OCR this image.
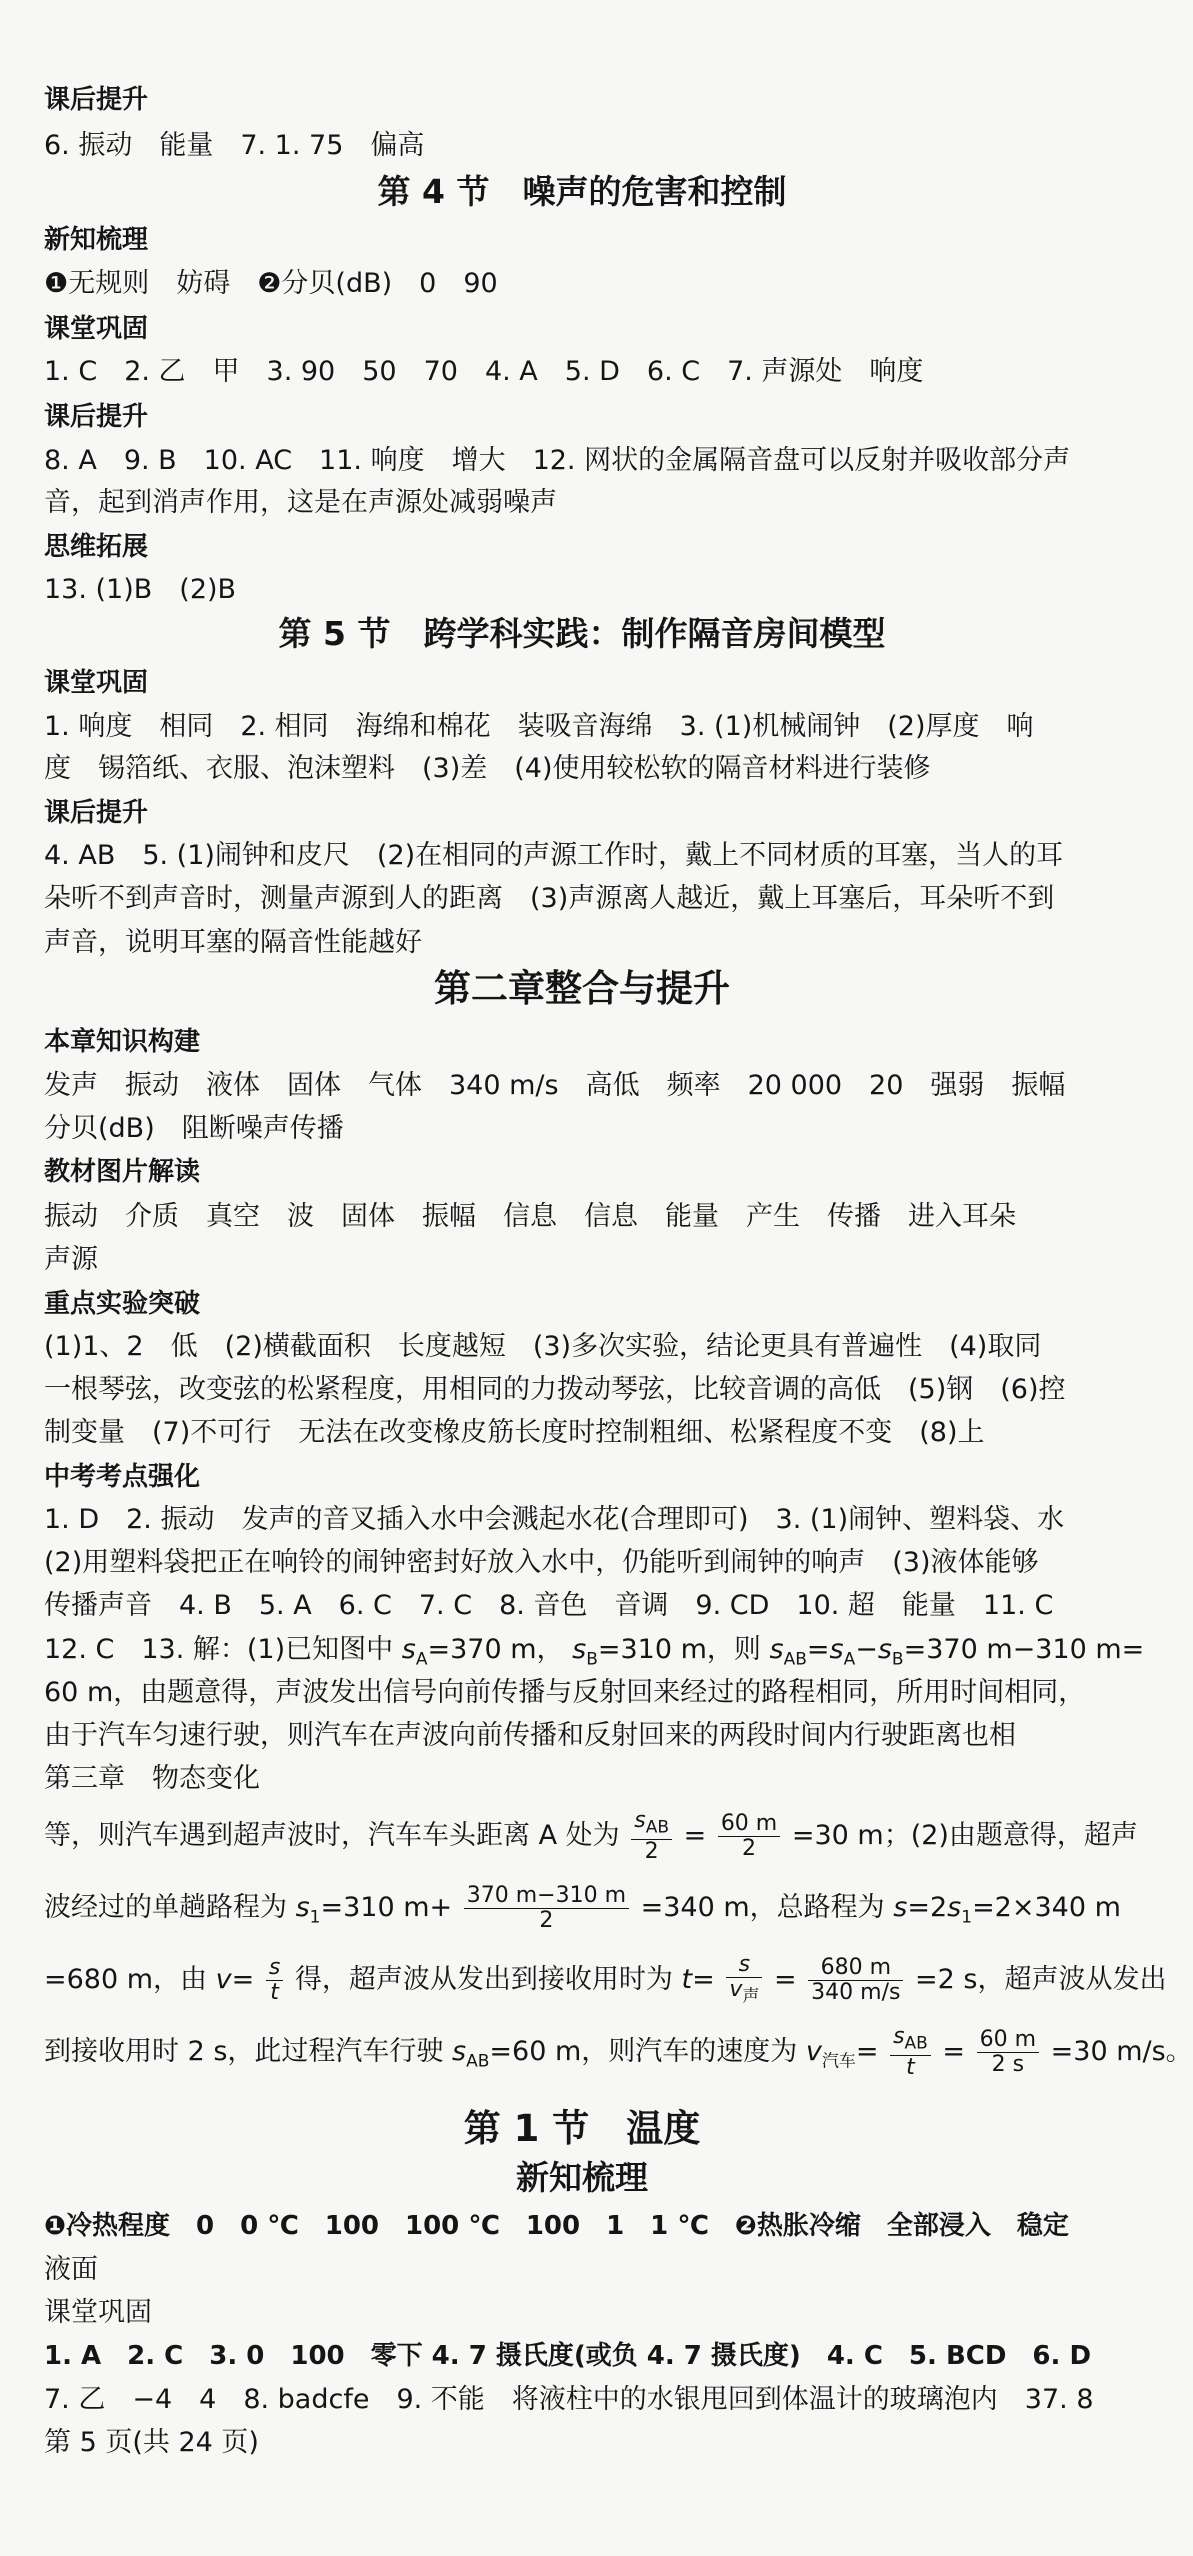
课后提升
6. 振动　能量　7. 1. 75　偏高
第 4 节　噪声的危害和控制
新知梳理
❶无规则　妨碍　❷分贝(dB)　0　90
课堂巩固
1. C　2. 乙　甲　3. 90　50　70　4. A　5. D　6. C　7. 声源处　响度
课后提升
8. A　9. B　10. AC　11. 响度　增大　12. 网状的金属隔音盘可以反射并吸收部分声
音，起到消声作用，这是在声源处减弱噪声
思维拓展
13. (1)B　(2)B
第 5 节　跨学科实践：制作隔音房间模型
课堂巩固
1. 响度　相同　2. 相同　海绵和棉花　装吸音海绵　3. (1)机械闹钟　(2)厚度　响
度　锡箔纸、衣服、泡沫塑料　(3)差　(4)使用较松软的隔音材料进行装修
课后提升
4. AB　5. (1)闹钟和皮尺　(2)在相同的声源工作时，戴上不同材质的耳塞，当人的耳
朵听不到声音时，测量声源到人的距离　(3)声源离人越近，戴上耳塞后，耳朵听不到
声音，说明耳塞的隔音性能越好
第二章整合与提升
本章知识构建
发声　振动　液体　固体　气体　340 m/s　高低　频率　20 000　20　强弱　振幅
分贝(dB)　阻断噪声传播
教材图片解读
振动　介质　真空　波　固体　振幅　信息　信息　能量　产生　传播　进入耳朵
声源
重点实验突破
(1)1、2　低　(2)横截面积　长度越短　(3)多次实验，结论更具有普遍性　(4)取同
一根琴弦，改变弦的松紧程度，用相同的力拨动琴弦，比较音调的高低　(5)钢　(6)控
制变量　(7)不可行　无法在改变橡皮筋长度时控制粗细、松紧程度不变　(8)上
中考考点强化
1. D　2. 振动　发声的音叉插入水中会溅起水花(合理即可)　3. (1)闹钟、塑料袋、水
(2)用塑料袋把正在响铃的闹钟密封好放入水中，仍能听到闹钟的响声　(3)液体能够
传播声音　4. B　5. A　6. C　7. C　8. 音色　音调　9. CD　10. 超　能量　11. C
12. C　13. 解：(1)已知图中 $s_A=370$ m， $s_B=310$ m，则 $s_{AB}=s_A-s_B=370$ m−310 m=
60 m，由题意得，声波发出信号向前传播与反射回来经过的路程相同，所用时间相同，
由于汽车匀速行驶，则汽车在声波向前传播和反射回来的两段时间内行驶距离也相
第三章　物态变化
等，则汽车遇到超声波时，汽车车头距离 A 处为 $\frac{s_{AB}}{2} = \frac{60 m}{2} =30$ m；(2)由题意得，超声
波经过的单趟路程为 $s_1=310$ $m+ \frac{370 m-310 m}{2} =340$ m，总路程为 $s=2s_1=2\times 340$ m
=680 m，由 $v= \frac{s}{t}$ 得，超声波从发出到接收用时为 $t= \frac{s}{v_声} = \frac{680 m}{340 m/s} =2$ s，超声波从发出
到接收用时 2 s，此过程汽车行驶 $s_{AB}=60$ m，则汽车的速度为 $v_{汽车}= \frac{s_{AB}}{t} = \frac{60 m}{2 s} =30$ m/s。
第 1 节　温度
新知梳理
❶冷热程度　0　0 ℃　100　100 ℃　100　1　1 ℃　❷热胀冷缩　全部浸入　稳定
液面
课堂巩固
1. A　2. C　3. 0　100　零下 4. 7 摄氏度(或负 4. 7 摄氏度)　4. C　5. BCD　6. D
7. 乙　−4　4　8. badcfe　9. 不能　将液柱中的水银甩回到体温计的玻璃泡内　37. 8
第 5 页(共 24 页)
